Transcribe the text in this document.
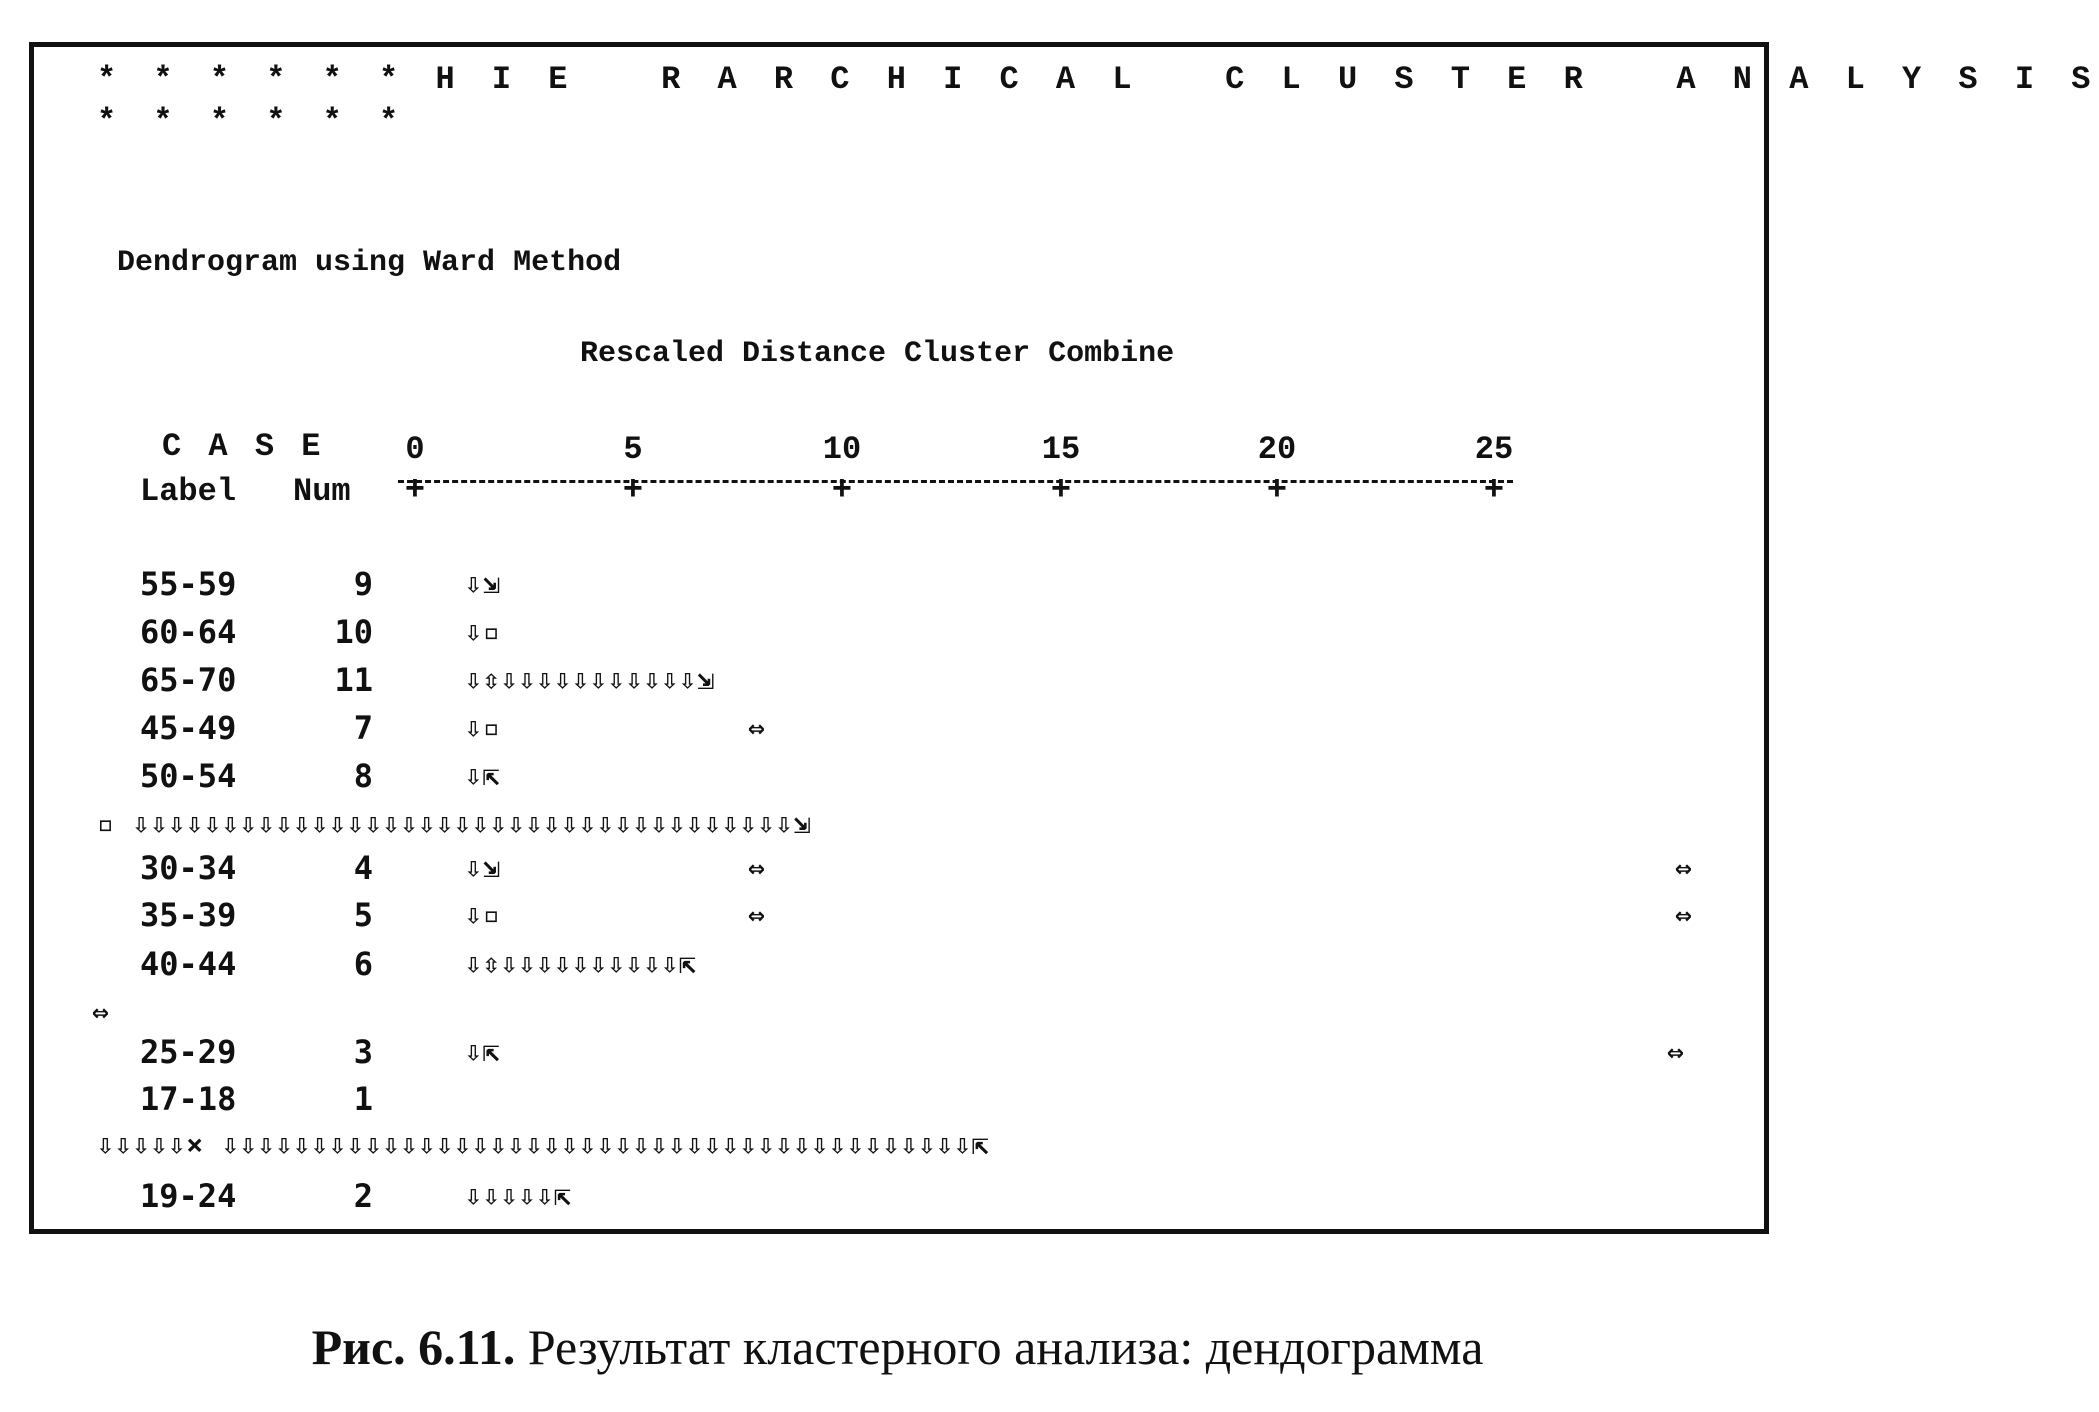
* * * * * * H I E   R A R C H I C A L   C L U S T E R   A N A L Y S I S
* * * * * *
Dendrogram using Ward Method
Rescaled Distance Cluster Combine
C A S E
Label Num
0
+
5
+
10
+
15
+
20
+
25
+
55-59	9	⇩⇲
60-64	10	⇩▫
65-70	11	⇩⇳⇩⇩⇩⇩⇩⇩⇩⇩⇩⇩⇩⇲
45-49	7	⇩▫	⇔
50-54	8	⇩⇱
30-34	4	⇩⇲	⇔	⇔
35-39	5	⇩▫	⇔	⇔
40-44	6	⇩⇳⇩⇩⇩⇩⇩⇩⇩⇩⇩⇩⇱
25-29	3	⇩⇱	⇔
17-18	1
19-24	2	⇩⇩⇩⇩⇩⇱
▫ ⇩⇩⇩⇩⇩⇩⇩⇩⇩⇩⇩⇩⇩⇩⇩⇩⇩⇩⇩⇩⇩⇩⇩⇩⇩⇩⇩⇩⇩⇩⇩⇩⇩⇩⇩⇩⇩⇲
⇔
⇩⇩⇩⇩⇩× ⇩⇩⇩⇩⇩⇩⇩⇩⇩⇩⇩⇩⇩⇩⇩⇩⇩⇩⇩⇩⇩⇩⇩⇩⇩⇩⇩⇩⇩⇩⇩⇩⇩⇩⇩⇩⇩⇩⇩⇩⇩⇩⇱
Рис. 6.11. Результат кластерного анализа: дендограмма
